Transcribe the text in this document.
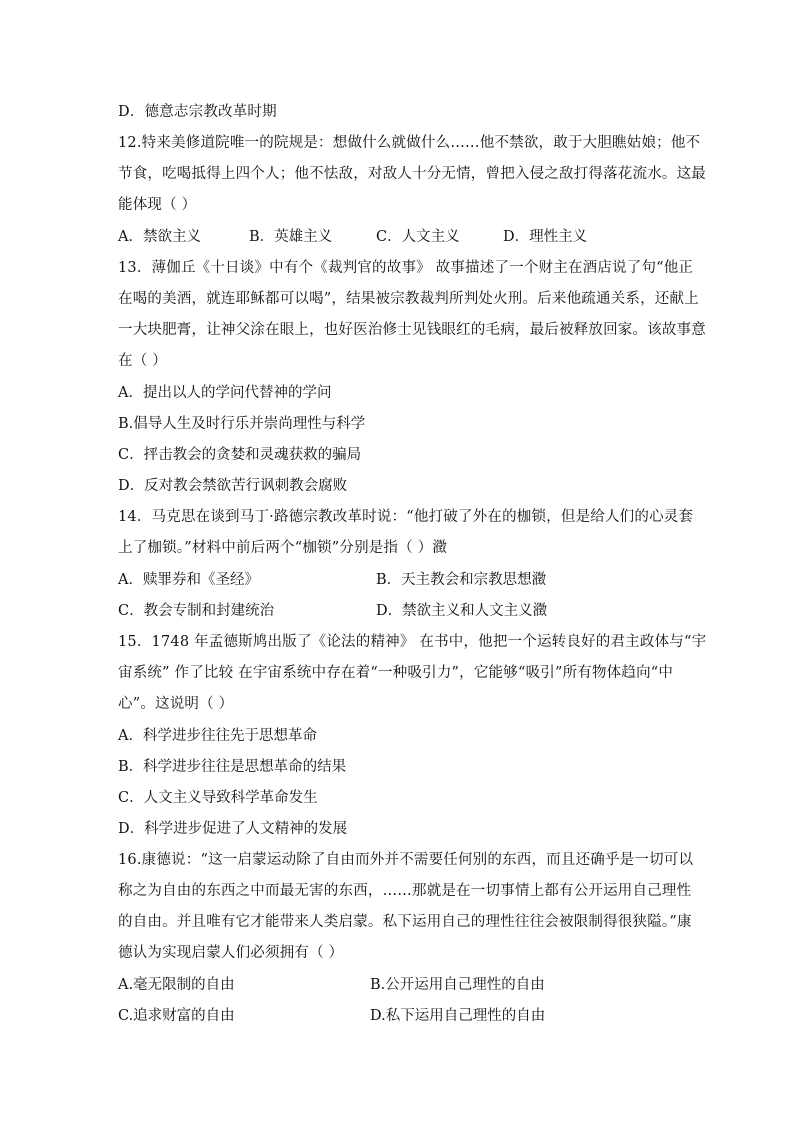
D．德意志宗教改革时期
12.特来美修道院唯一的院规是：想做什么就做什么……他不禁欲，敢于大胆瞧姑娘；他不
节食，吃喝抵得上四个人；他不怯敌，对敌人十分无情，曾把入侵之敌打得落花流水。这最
能体现（ ）
A．禁欲主义	B．英雄主义	C．人文主义	D．理性主义
13．薄伽丘《十日谈》中有个《裁判官的故事》 故事描述了一个财主在酒店说了句“他正
在喝的美酒，就连耶稣都可以喝”，结果被宗教裁判所判处火刑。后来他疏通关系，还献上
一大块肥膏，让神父涂在眼上，也好医治修士见钱眼红的毛病，最后被释放回家。该故事意
在（ ）
A．提出以人的学问代替神的学问
B.倡导人生及时行乐并崇尚理性与科学
C．抨击教会的贪婪和灵魂获救的骗局
D．反对教会禁欲苦行讽刺教会腐败
14．马克思在谈到马丁·路德宗教改革时说：“他打破了外在的枷锁，但是给人们的心灵套
上了枷锁。”材料中前后两个“枷锁”分别是指（ ）瀓
A．赎罪券和《圣经》	B．天主教会和宗教思想瀓
C．教会专制和封建统治	D．禁欲主义和人文主义瀓
15．1748 年孟德斯鸠出版了《论法的精神》 在书中，他把一个运转良好的君主政体与“宇
宙系统” 作了比较 在宇宙系统中存在着“一种吸引力”，它能够“吸引”所有物体趋向“中
心”。这说明（ ）
A．科学进步往往先于思想革命
B．科学进步往往是思想革命的结果
C．人文主义导致科学革命发生
D．科学进步促进了人文精神的发展
16.康德说：“这一启蒙运动除了自由而外并不需要任何别的东西，而且还确乎是一切可以
称之为自由的东西之中而最无害的东西，……那就是在一切事情上都有公开运用自己理性
的自由。并且唯有它才能带来人类启蒙。私下运用自己的理性往往会被限制得很狭隘。”康
德认为实现启蒙人们必须拥有（ ）
A.毫无限制的自由	B.公开运用自己理性的自由
C.追求财富的自由	D.私下运用自己理性的自由
